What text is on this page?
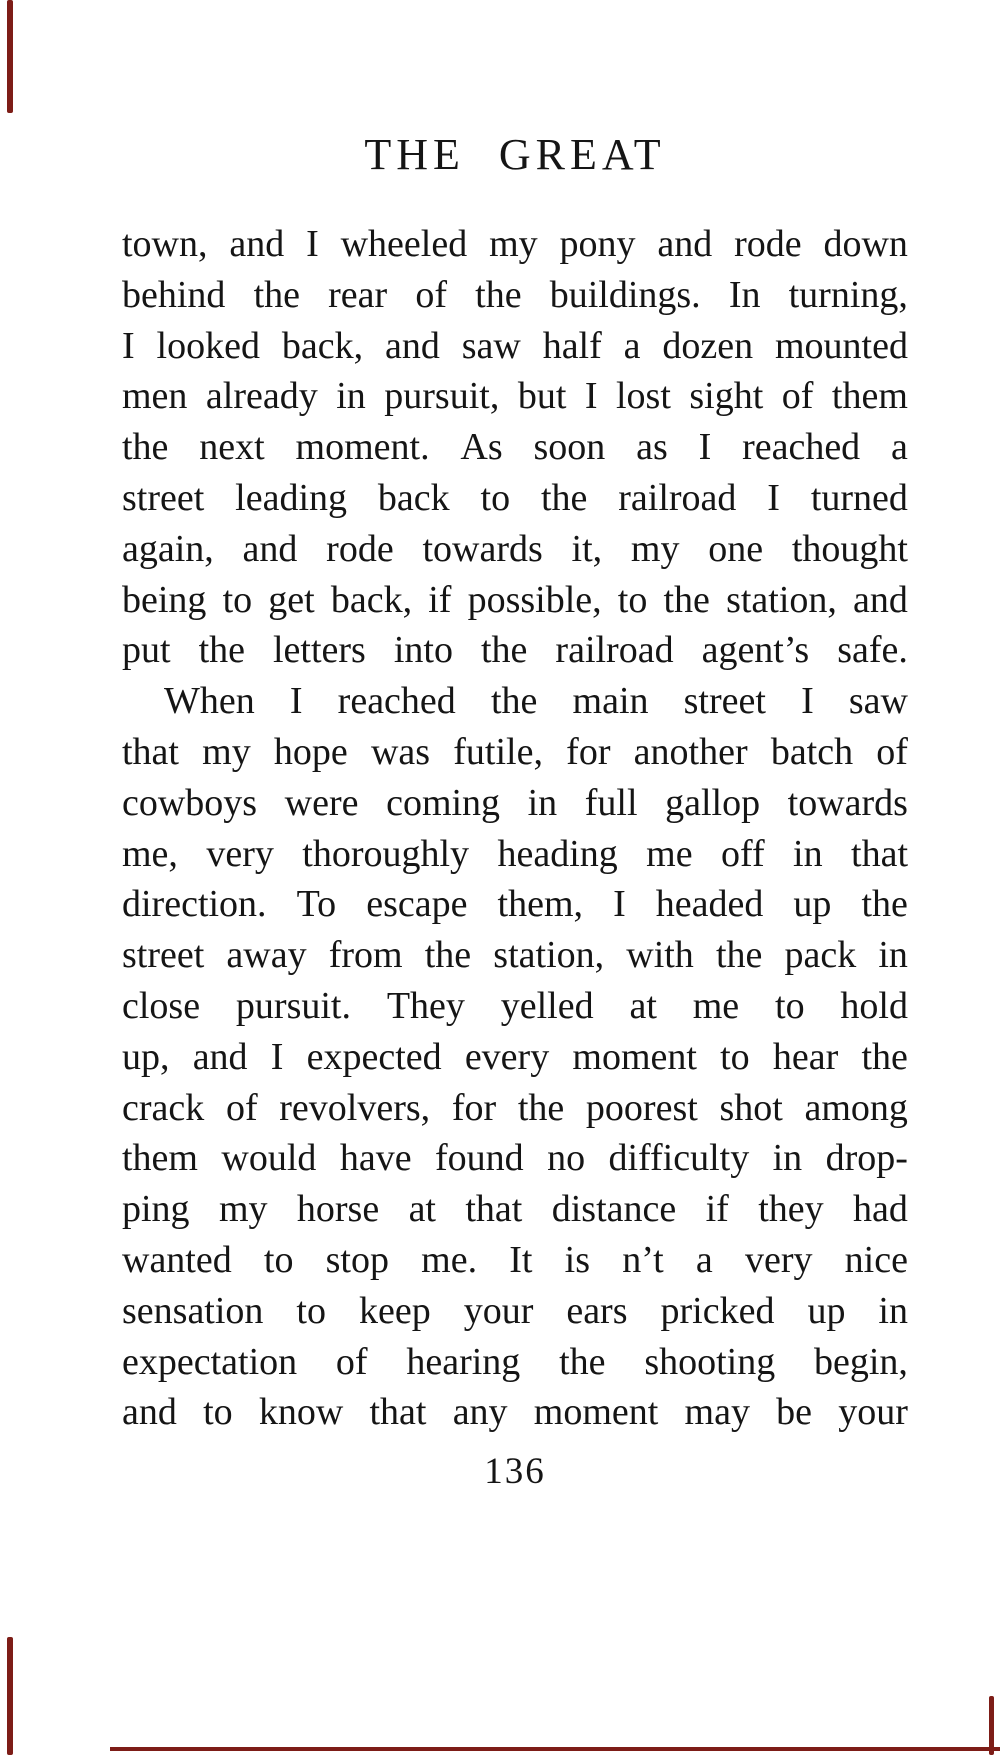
THE GREAT
town, and I wheeled my pony and rode down
behind the rear of the buildings. In turning,
I looked back, and saw half a dozen mounted
men already in pursuit, but I lost sight of them
the next moment. As soon as I reached a
street leading back to the railroad I turned
again, and rode towards it, my one thought
being to get back, if possible, to the station, and
put the letters into the railroad agent’s safe.
When I reached the main street I saw
that my hope was futile, for another batch of
cowboys were coming in full gallop towards
me, very thoroughly heading me off in that
direction. To escape them, I headed up the
street away from the station, with the pack in
close pursuit. They yelled at me to hold
up, and I expected every moment to hear the
crack of revolvers, for the poorest shot among
them would have found no difficulty in drop-
ping my horse at that distance if they had
wanted to stop me. It is n’t a very nice
sensation to keep your ears pricked up in
expectation of hearing the shooting begin,
and to know that any moment may be your
136
